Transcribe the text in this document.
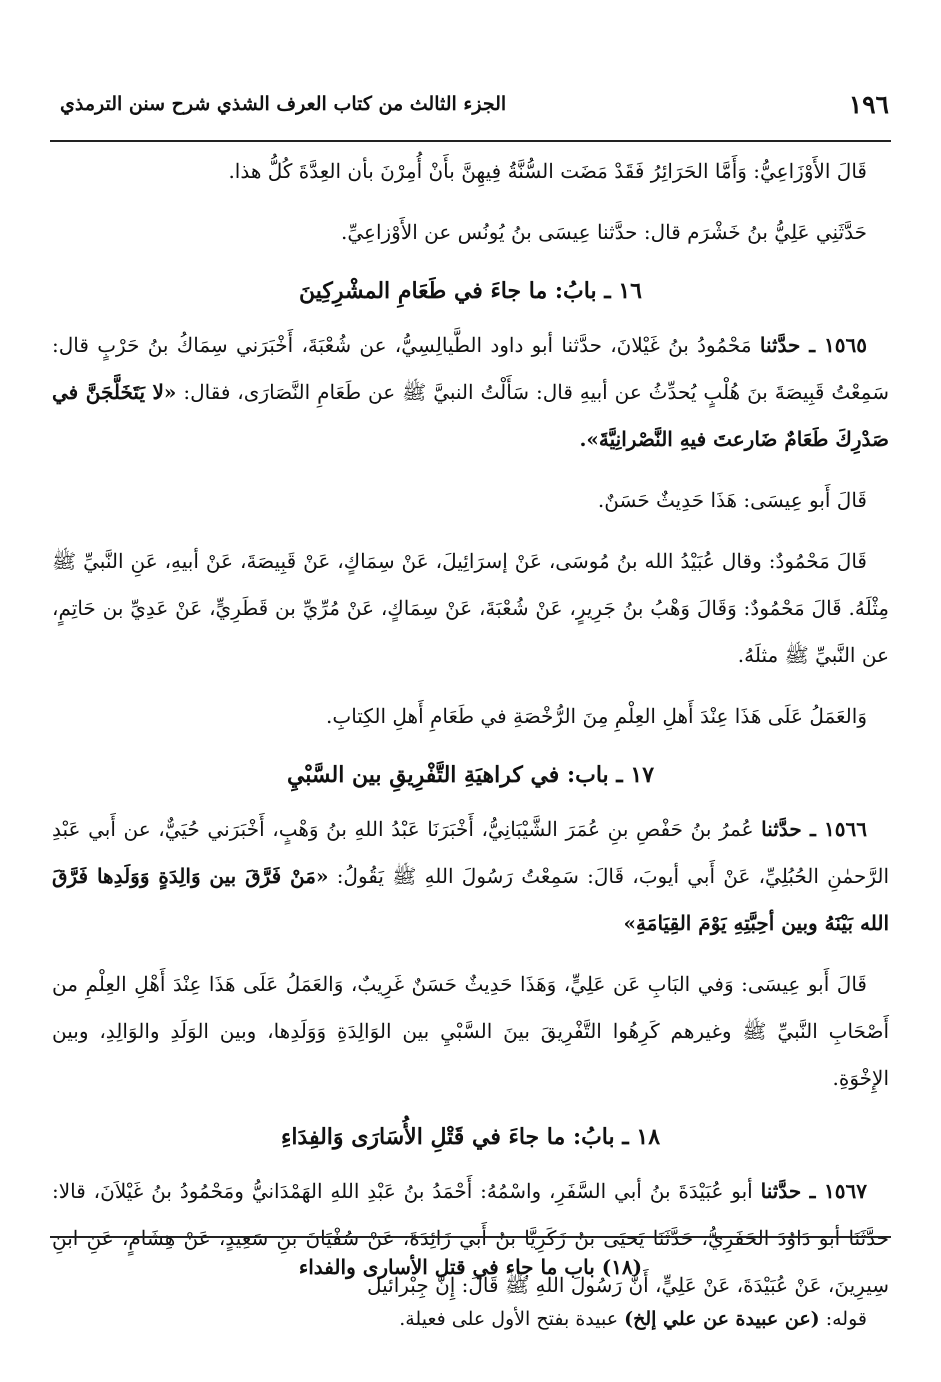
١٩٦
الجزء الثالث من كتاب العرف الشذي شرح سنن الترمذي

قَالَ الأَوْزَاعِيُّ: وَأَمَّا الحَرَائِرُ فَقَدْ مَضَت السُّنَّةُ فِيهِنَّ بأَنْ أُمِرْنَ بأن العِدَّةَ كُلُّ هذا.

حَدَّثَنِي عَلِيُّ بنُ خَشْرَم قال: حدَّثنا عِيسَى بنُ يُونُس عن الأَوْزاعِيِّ.

١٦ ـ بابُ: ما جاءَ في طَعَامِ المشْرِكِينَ

١٥٦٥ ـ حدَّثنا مَحْمُودُ بنُ غَيْلانَ، حدَّثنا أبو داود الطَّيالِسِيُّ، عن شُعْبَةَ، أَخْبَرَني سِمَاكُ بنُ حَرْبٍ قال: سَمِعْتُ قَبِيصَةَ بنَ هُلْبٍ يُحدِّثُ عن أبيهِ قال: سَأَلْتُ النبيَّ ﷺ عن طَعَامِ النَّصَارَى، فقال: «لا يَتَخَلَّجَنَّ في صَدْرِكَ طَعَامٌ ضَارعتَ فيهِ النَّصْرانِيَّةَ».

قَالَ أَبو عِيسَى: هَذَا حَدِيثٌ حَسَنٌ.

قَالَ مَحْمُودٌ: وقال عُبَيْدُ الله بنُ مُوسَى، عَنْ إسرَائِيلَ، عَنْ سِمَاكٍ، عَنْ قَبِيصَةَ، عَنْ أبيهِ، عَنِ النَّبيِّ ﷺ مِثْلَهُ. قَالَ مَحْمُودٌ: وَقَالَ وَهْبُ بنُ جَرِيرٍ، عَنْ شُعْبَةَ، عَنْ سِمَاكٍ، عَنْ مُرِّيِّ بن قَطَرِيٍّ، عَنْ عَدِيِّ بن حَاتِمٍ، عن النَّبيِّ ﷺ مثلَهُ.

وَالعَمَلُ عَلَى هَذَا عِنْدَ أَهلِ العِلْمِ مِنَ الرُّخْصَةِ في طَعَامِ أَهلِ الكِتابِ.

١٧ ـ باب: في كراهيَةِ التَّفْرِيقِ بين السَّبْيِ

١٥٦٦ ـ حدَّثنا عُمرُ بنُ حَفْصِ بنِ عُمَرَ الشَّيْبَانِيُّ، أَخْبَرَنَا عَبْدُ اللهِ بنُ وَهْبٍ، أَخْبَرَني حُيَيٌّ، عن أَبي عَبْدِ الرَّحمٰنِ الحُبُلِيِّ، عَنْ أَبي أيوبَ، قَالَ: سَمِعْتُ رَسُولَ اللهِ ﷺ يَقُولُ: «مَنْ فَرَّقَ بين وَالِدَةٍ وَوَلَدِها فَرَّقَ الله بَيْنَهُ وبين أحِبَّتِهِ يَوْمَ القِيَامَةِ»

قَالَ أَبو عِيسَى: وَفي البَابِ عَن عَلِيٍّ، وَهَذَا حَدِيثٌ حَسَنٌ غَرِيبٌ، وَالعَمَلُ عَلَى هَذَا عِنْدَ أَهْلِ العِلْمِ من أَصْحَابِ النَّبيِّ ﷺ وغيرهم كَرِهُوا التَّفْرِيقَ بينَ السَّبْيِ بين الوَالِدَةِ وَوَلَدِها، وبين الوَلَدِ والوَالِدِ، وبين الإِخْوَةِ.

١٨ ـ بابُ: ما جاءَ في قَتْلِ الأُسَارَى وَالفِدَاءِ

١٥٦٧ ـ حدَّثنا أبو عُبَيْدَةَ بنُ أبي السَّفَرِ، واسْمُهُ: أَحْمَدُ بنُ عَبْدِ اللهِ الهَمْدَانيُّ ومَحْمُودُ بنُ غَيْلاَنَ، قالا: حدَّثَنَا أبو دَاوُدَ الحَفَرِيُّ، حَدَّثَنَا يَحيَى بنُ زَكَرِيَّا بنُ أَبي زَائِدَةَ، عَنْ سُفْيَانَ بنِ سَعِيدٍ، عَنْ هِشَامٍ، عَنِ ابنِ سِيرِينَ، عَنْ عُبَيْدَةَ، عَنْ عَلِيٍّ، أَنَّ رَسُولَ اللهِ ﷺ قَالَ: إِنَّ جِبْرائيل

(١٨) باب ما جاء في قتل الأسارى والفداء

قوله: (عن عبيدة عن علي إلخ) عبيدة بفتح الأول على فعيلة.
